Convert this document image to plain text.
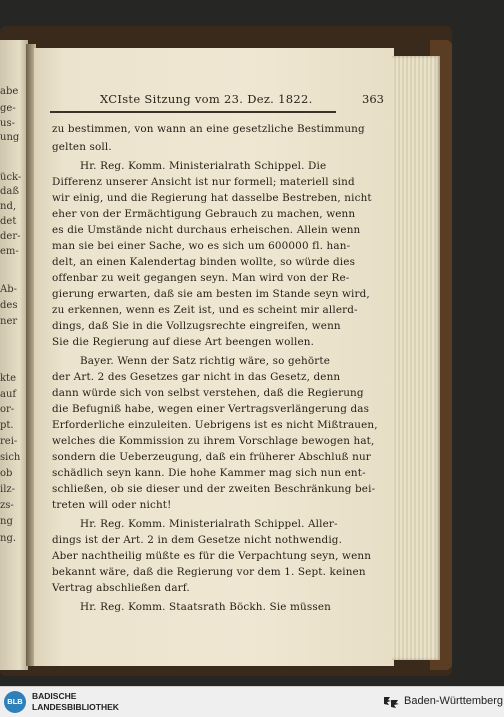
abe
ge-
us-
ung
ück-
daß
nd,
det
der-
em-
Ab-
des
ner
kte
auf
or-
pt.
rei-
sich
ob
ilz-
zs-
ng
ng.
XCIste Sitzung vom 23. Dez. 1822.	363
zu bestimmen, von wann an eine gesetzliche Bestimmung
gelten soll.
Hr. Reg. Komm. Ministerialrath Schippel. Die
Differenz unserer Ansicht ist nur formell; materiell sind
wir einig, und die Regierung hat dasselbe Bestreben, nicht
eher von der Ermächtigung Gebrauch zu machen, wenn
es die Umstände nicht durchaus erheischen. Allein wenn
man sie bei einer Sache, wo es sich um 600000 fl. han-
delt, an einen Kalendertag binden wollte, so würde dies
offenbar zu weit gegangen seyn. Man wird von der Re-
gierung erwarten, daß sie am besten im Stande seyn wird,
zu erkennen, wenn es Zeit ist, und es scheint mir allerd-
dings, daß Sie in die Vollzugsrechte eingreifen, wenn
Sie die Regierung auf diese Art beengen wollen.
Bayer. Wenn der Satz richtig wäre, so gehörte
der Art. 2 des Gesetzes gar nicht in das Gesetz, denn
dann würde sich von selbst verstehen, daß die Regierung
die Befugniß habe, wegen einer Vertragsverlängerung das
Erforderliche einzuleiten. Uebrigens ist es nicht Mißtrauen,
welches die Kommission zu ihrem Vorschlage bewogen hat,
sondern die Ueberzeugung, daß ein früherer Abschluß nur
schädlich seyn kann. Die hohe Kammer mag sich nun ent-
schließen, ob sie dieser und der zweiten Beschränkung bei-
treten will oder nicht!
Hr. Reg. Komm. Ministerialrath Schippel. Aller-
dings ist der Art. 2 in dem Gesetze nicht nothwendig.
Aber nachtheilig müßte es für die Verpachtung seyn, wenn
bekannt wäre, daß die Regierung vor dem 1. Sept. keinen
Vertrag abschließen darf.
Hr. Reg. Komm. Staatsrath Böckh. Sie müssen
BLB
BADISCHE
LANDESBIBLIOTHEK	Baden-Württemberg
